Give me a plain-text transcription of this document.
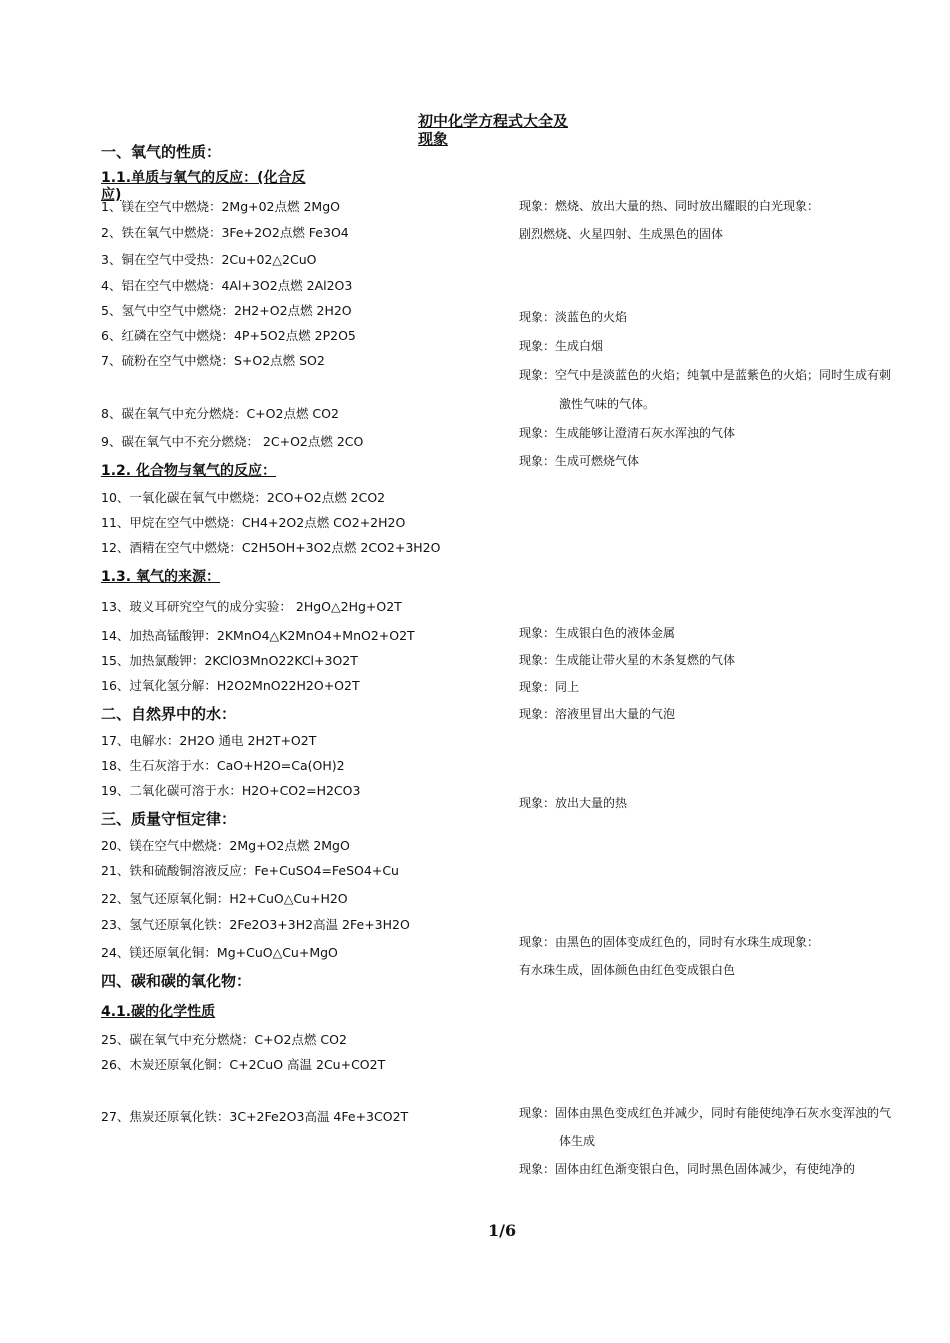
初中化学方程式大全及
现象
一、氧气的性质：
1.1.单质与氧气的反应：(化合反
应)
1、镁在空气中燃烧：2Mg+02点燃 2MgO
2、铁在氧气中燃烧：3Fe+2O2点燃 Fe3O4
3、铜在空气中受热：2Cu+02△2CuO
4、铝在空气中燃烧：4Al+3O2点燃 2Al2O3
5、氢气中空气中燃烧：2H2+O2点燃 2H2O
6、红磷在空气中燃烧：4P+5O2点燃 2P2O5
7、硫粉在空气中燃烧：S+O2点燃 SO2
8、碳在氧气中充分燃烧：C+O2点燃 CO2
9、碳在氧气中不充分燃烧： 2C+O2点燃 2CO
1.2. 化合物与氧气的反应：
10、一氧化碳在氧气中燃烧：2CO+O2点燃 2CO2
11、甲烷在空气中燃烧：CH4+2O2点燃 CO2+2H2O
12、酒精在空气中燃烧：C2H5OH+3O2点燃 2CO2+3H2O
1.3. 氧气的来源：
13、玻义耳研究空气的成分实验： 2HgO△2Hg+O2T
14、加热高锰酸钾：2KMnO4△K2MnO4+MnO2+O2T
15、加热氯酸钾：2KClO3MnO22KCl+3O2T
16、过氧化氢分解：H2O2MnO22H2O+O2T
二、自然界中的水：
17、电解水：2H2O 通电 2H2T+O2T
18、生石灰溶于水：CaO+H2O=Ca(OH)2
19、二氧化碳可溶于水：H2O+CO2=H2CO3
三、质量守恒定律：
20、镁在空气中燃烧：2Mg+O2点燃 2MgO
21、铁和硫酸铜溶液反应：Fe+CuSO4=FeSO4+Cu
22、氢气还原氧化铜：H2+CuO△Cu+H2O
23、氢气还原氧化铁：2Fe2O3+3H2高温 2Fe+3H2O
24、镁还原氧化铜：Mg+CuO△Cu+MgO
四、碳和碳的氧化物：
4.1.碳的化学性质
25、碳在氧气中充分燃烧：C+O2点燃 CO2
26、木炭还原氧化铜：C+2CuO 高温 2Cu+CO2T
27、焦炭还原氧化铁：3C+2Fe2O3高温 4Fe+3CO2T
现象：燃烧、放出大量的热、同时放出耀眼的白光现象：
剧烈燃烧、火星四射、生成黑色的固体
现象：淡蓝色的火焰
现象：生成白烟
现象：空气中是淡蓝色的火焰；纯氧中是蓝紫色的火焰；同时生成有刺
激性气味的气体。
现象：生成能够让澄清石灰水浑浊的气体
现象：生成可燃烧气体
现象：生成银白色的液体金属
现象：生成能让带火星的木条复燃的气体
现象：同上
现象：溶液里冒出大量的气泡
现象：放出大量的热
现象：由黑色的固体变成红色的，同时有水珠生成现象：
有水珠生成，固体颜色由红色变成银白色
现象：固体由黑色变成红色并减少，同时有能使纯净石灰水变浑浊的气
体生成
现象：固体由红色渐变银白色，同时黑色固体减少，有使纯净的
1/6
